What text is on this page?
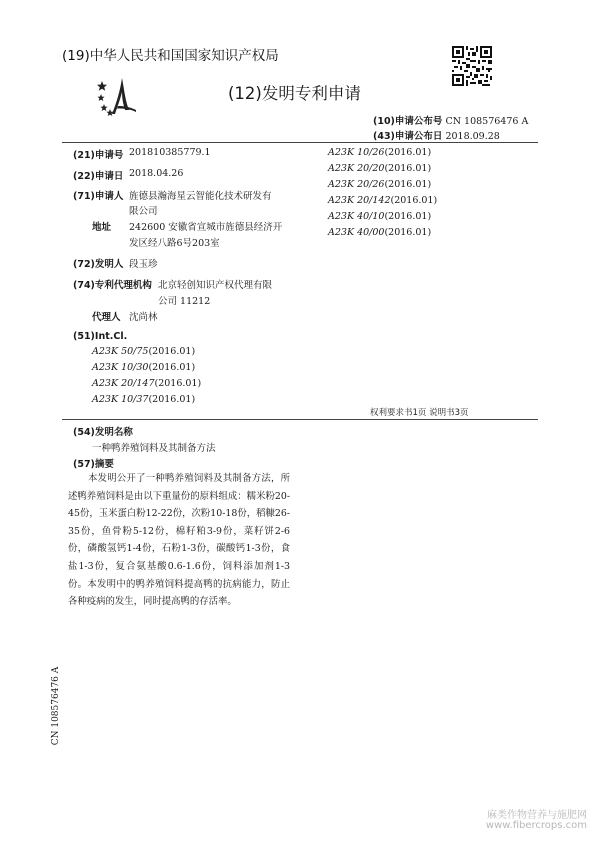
(19)中华人民共和国国家知识产权局
(12)发明专利申请
(10)申请公布号 CN 108576476 A
(43)申请公布日 2018.09.28
(21)申请号 201810385779.1
(22)申请日 2018.04.26
(71)申请人 旌德县瀚海星云智能化技术研发有
限公司
地址 242600 安徽省宣城市旌德县经济开
发区经八路6号203室
(72)发明人 段玉珍
(74)专利代理机构 北京轻创知识产权代理有限
公司 11212
代理人 沈尚林
(51)Int.Cl.
A23K 50/75(2016.01)
A23K 10/30(2016.01)
A23K 20/147(2016.01)
A23K 10/37(2016.01)
A23K 10/26(2016.01)
A23K 20/20(2016.01)
A23K 20/26(2016.01)
A23K 20/142(2016.01)
A23K 40/10(2016.01)
A23K 40/00(2016.01)
权利要求书1页 说明书3页
(54)发明名称
一种鸭养殖饲料及其制备方法
(57)摘要
本发明公开了一种鸭养殖饲料及其制备方法，所述鸭养殖饲料是由以下重量份的原料组成：糯米粉20-45份，玉米蛋白粉12-22份，次粉10-18份，稻糠26-35份，鱼骨粉5-12份，棉籽粕3-9份，菜籽饼2-6份，磷酸氢钙1-4份，石粉1-3份，碳酸钙1-3份，食盐1-3份，复合氨基酸0.6-1.6份，饲料添加剂1-3份。本发明中的鸭养殖饲料提高鸭的抗病能力，防止各种疫病的发生，同时提高鸭的存活率。
CN 108576476 A
麻类作物营养与施肥网
www.fibercrops.com
